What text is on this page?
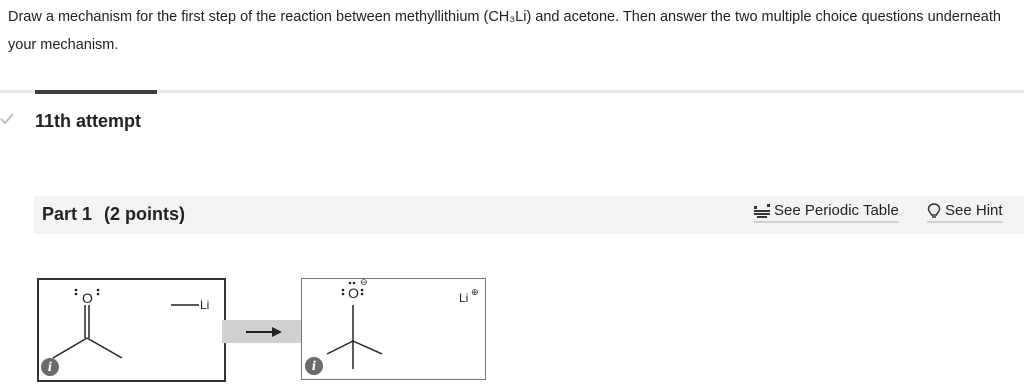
Draw a mechanism for the first step of the reaction between methyllithium (CH₃Li) and acetone. Then answer the two multiple choice questions underneath your mechanism.
11th attempt
Part 1 (2 points)	See Periodic Table	See Hint
O	Li
i
O
⊖
Li ⊕
i
